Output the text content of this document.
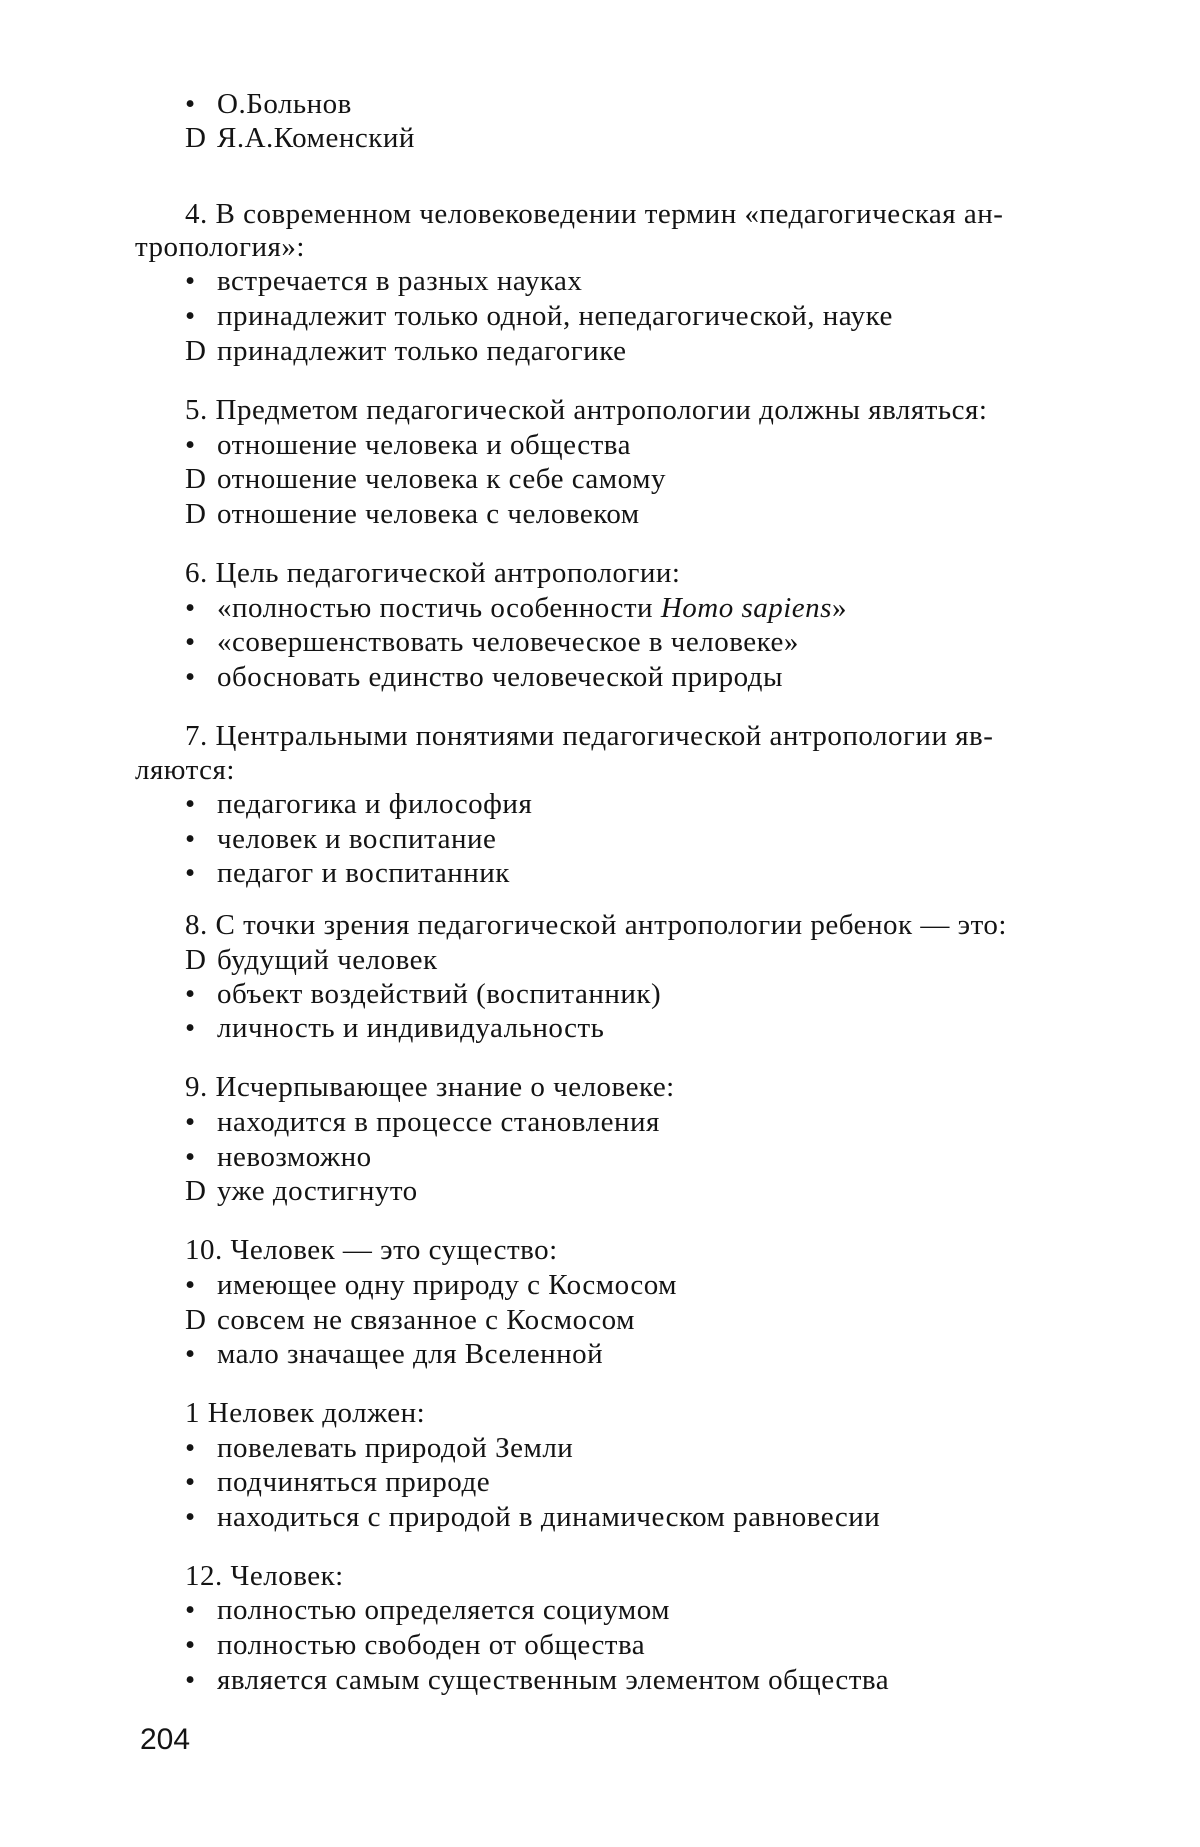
• О.Больнов
D Я.А.Коменский
4. В современном человековедении термин «педагогическая ан-
тропология»:
• встречается в разных науках
• принадлежит только одной, непедагогической, науке
D принадлежит только педагогике
5. Предметом педагогической антропологии должны являться:
• отношение человека и общества
D отношение человека к себе самому
D отношение человека с человеком
6. Цель педагогической антропологии:
• «полностью постичь особенности Homo sapiens»
• «совершенствовать человеческое в человеке»
• обосновать единство человеческой природы
7. Центральными понятиями педагогической антропологии яв-
ляются:
• педагогика и философия
• человек и воспитание
• педагог и воспитанник
8. С точки зрения педагогической антропологии ребенок — это:
D будущий человек
• объект воздействий (воспитанник)
• личность и индивидуальность
9. Исчерпывающее знание о человеке:
• находится в процессе становления
• невозможно
D уже достигнуто
10. Человек — это существо:
• имеющее одну природу с Космосом
D совсем не связанное с Космосом
• мало значащее для Вселенной
1 Неловек должен:
• повелевать природой Земли
• подчиняться природе
• находиться с природой в динамическом равновесии
12. Человек:
• полностью определяется социумом
• полностью свободен от общества
• является самым существенным элементом общества
204
